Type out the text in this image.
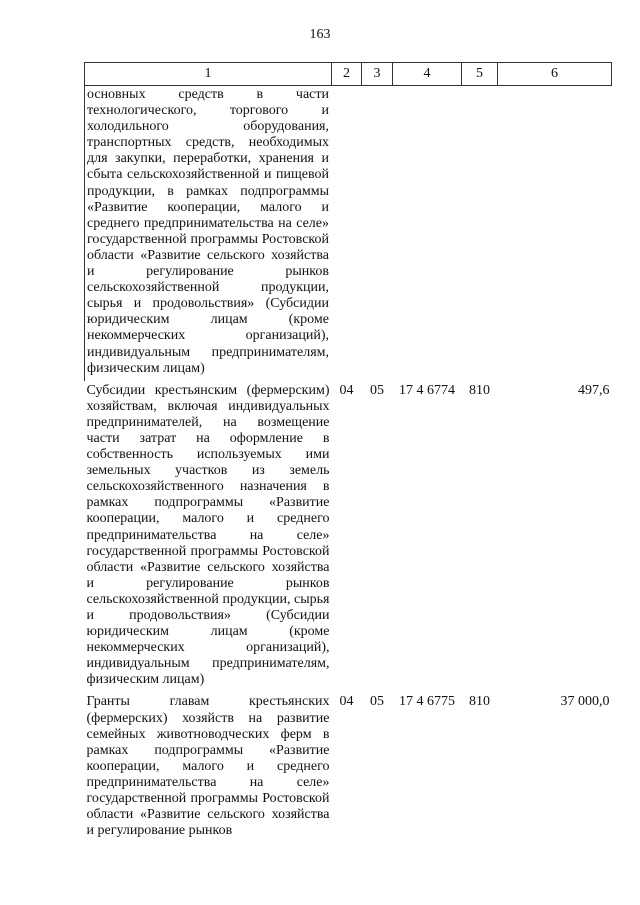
163
1	2	3	4	5	6
основных средств в части технологического, торгового и холодильного оборудования, транспортных средств, необходимых для закупки, переработки, хранения и сбыта сельскохозяйственной и пищевой продукции, в рамках подпрограммы «Развитие кооперации, малого и среднего предпринимательства на селе» государственной программы Ростовской области «Развитие сельского хозяйства и регулирование рынков сельскохозяйственной продукции, сырья и продовольствия» (Субсидии юридическим лицам (кроме некоммерческих организаций), индивидуальным предпринимателям, физическим лицам)					
Субсидии крестьянским (фермерским) хозяйствам, включая индивидуальных предпринимателей, на возмещение части затрат на оформление в собственность используемых ими земельных участков из земель сельскохозяйственного назначения в рамках подпрограммы «Развитие кооперации, малого и среднего предпринимательства на селе» государственной программы Ростовской области «Развитие сельского хозяйства и регулирование рынков сельскохозяйственной продукции, сырья и продовольствия» (Субсидии юридическим лицам (кроме некоммерческих организаций), индивидуальным предпринимателям, физическим лицам)	04	05	17 4 6774	810	497,6
Гранты главам крестьянских (фермерских) хозяйств на развитие семейных животноводческих ферм в рамках подпрограммы «Развитие кооперации, малого и среднего предпринимательства на селе» государственной программы Ростовской области «Развитие сельского хозяйства и регулирование рынков	04	05	17 4 6775	810	37 000,0
